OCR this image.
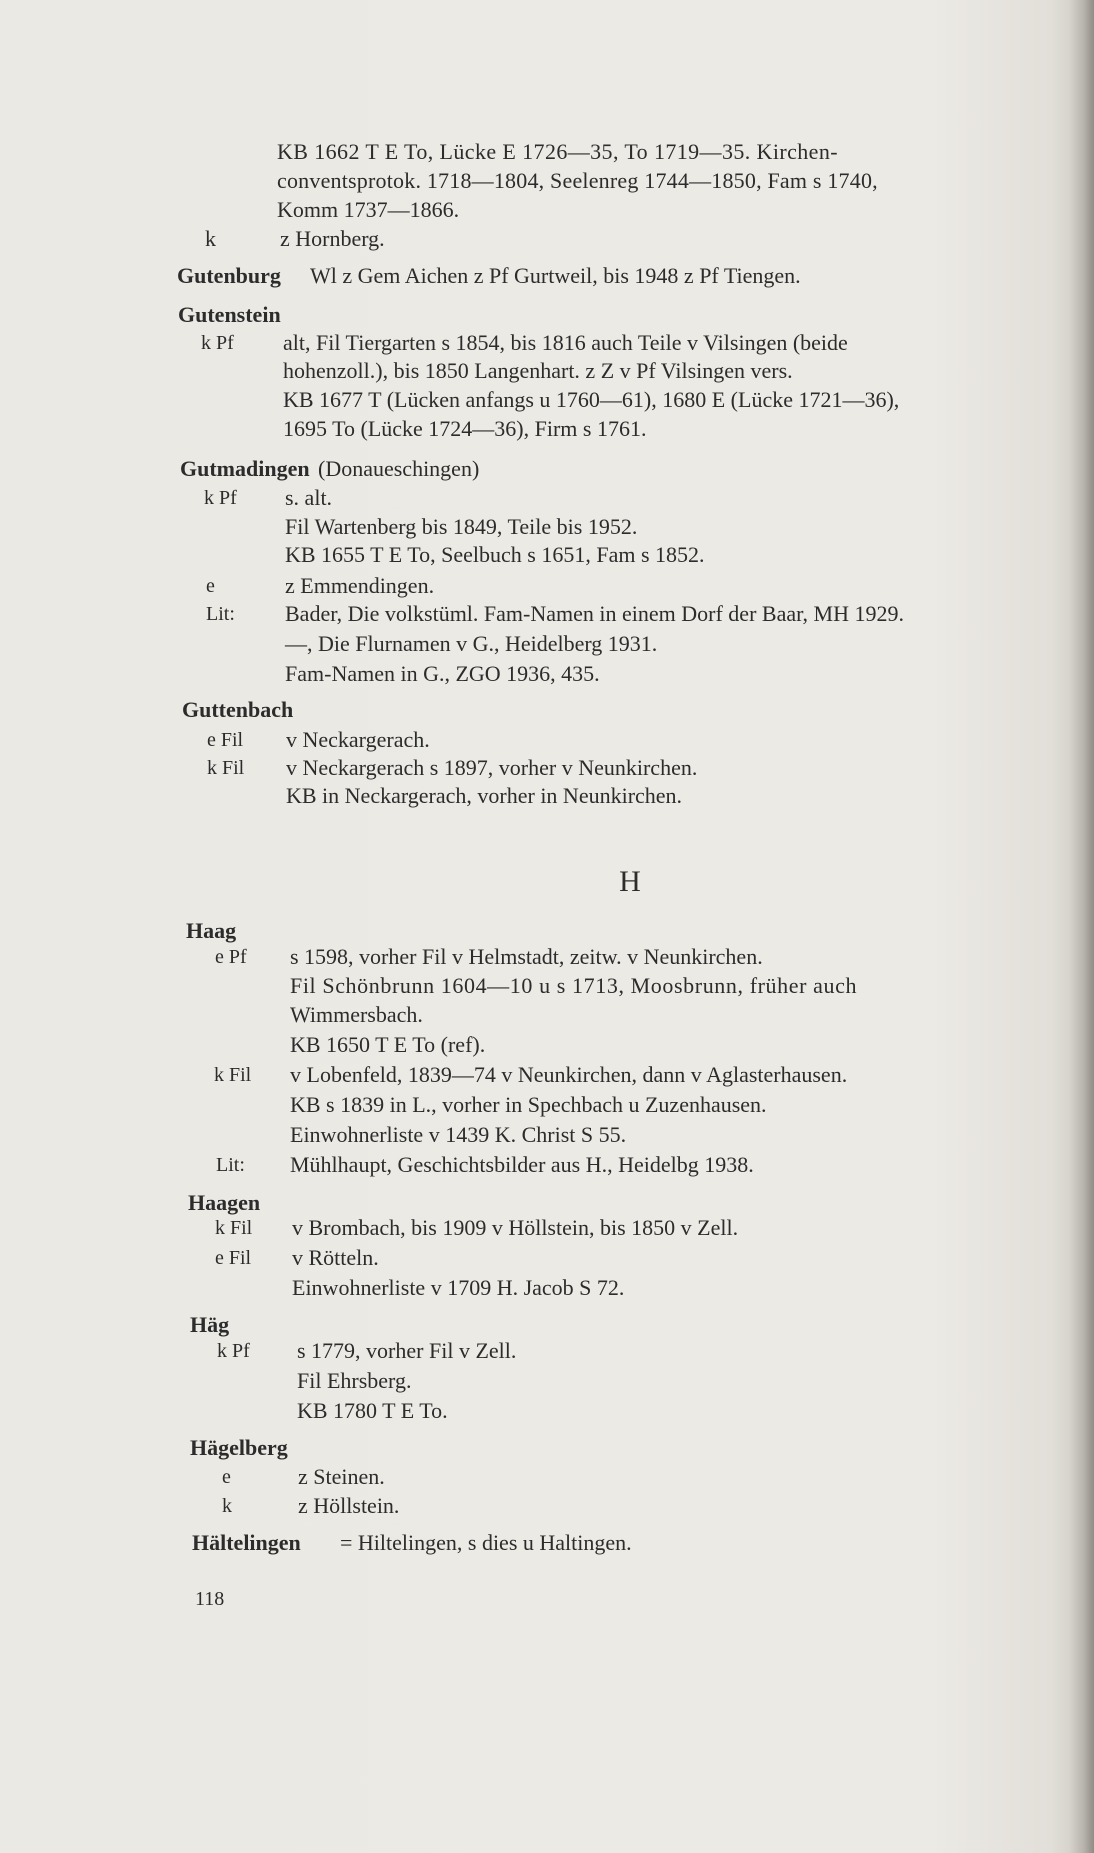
KB 1662 T E To, Lücke E 1726—35, To 1719—35. Kirchen-
conventsprotok. 1718—1804, Seelenreg 1744—1850, Fam s 1740,
Komm 1737—1866.
k	z Hornberg.
Gutenburg Wl z Gem Aichen z Pf Gurtweil, bis 1948 z Pf Tiengen.
Gutenstein
k Pf alt, Fil Tiergarten s 1854, bis 1816 auch Teile v Vilsingen (beide
hohenzoll.), bis 1850 Langenhart. z Z v Pf Vilsingen vers.
KB 1677 T (Lücken anfangs u 1760—61), 1680 E (Lücke 1721—36),
1695 To (Lücke 1724—36), Firm s 1761.
Gutmadingen (Donaueschingen)
k Pf s. alt.
Fil Wartenberg bis 1849, Teile bis 1952.
KB 1655 T E To, Seelbuch s 1651, Fam s 1852.
e	z Emmendingen.
Lit: Bader, Die volkstüml. Fam-Namen in einem Dorf der Baar, MH 1929.
—, Die Flurnamen v G., Heidelberg 1931.
Fam-Namen in G., ZGO 1936, 435.
Guttenbach
e Fil v Neckargerach.
k Fil v Neckargerach s 1897, vorher v Neunkirchen.
KB in Neckargerach, vorher in Neunkirchen.
H
Haag
e Pf s 1598, vorher Fil v Helmstadt, zeitw. v Neunkirchen.
Fil Schönbrunn 1604—10 u s 1713, Moosbrunn, früher auch
Wimmersbach.
KB 1650 T E To (ref).
k Fil v Lobenfeld, 1839—74 v Neunkirchen, dann v Aglasterhausen.
KB s 1839 in L., vorher in Spechbach u Zuzenhausen.
Einwohnerliste v 1439 K. Christ S 55.
Lit: Mühlhaupt, Geschichtsbilder aus H., Heidelbg 1938.
Haagen
k Fil v Brombach, bis 1909 v Höllstein, bis 1850 v Zell.
e Fil v Rötteln.
Einwohnerliste v 1709 H. Jacob S 72.
Häg
k Pf s 1779, vorher Fil v Zell.
Fil Ehrsberg.
KB 1780 T E To.
Hägelberg
e	z Steinen.
k	z Höllstein.
Hältelingen = Hiltelingen, s dies u Haltingen.
118
